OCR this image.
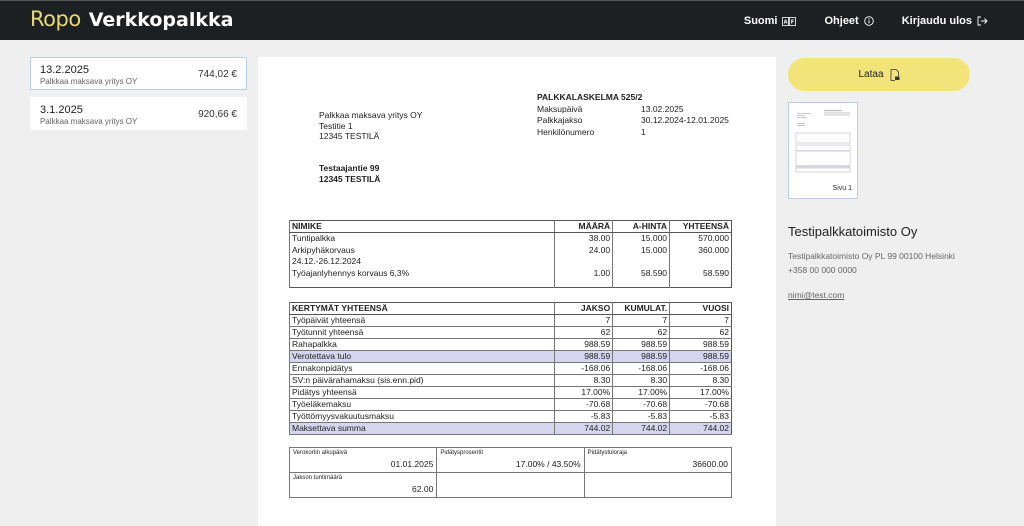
Ropo Verkkopalkka	Suomi A F	Ohjeet	Kirjaudu ulos
13.2.2025
Palkkaa maksava yritys OY
744,02 €
3.1.2025
Palkkaa maksava yritys OY
920,66 €	Palkkaa maksava yritys OY
Testitie 1
12345 TESTILÄ
Testaajantie 99
12345 TESTILÄ
PALKKALASKELMA 525/2
Maksupäivä	13.02.2025
Palkkajakso	30.12.2024-12.01.2025
Henkilönumero	1
NIMIKE	MÄÄRÄ	A-HINTA	YHTEENSÄ
Tuntipalkka	38.00	15.000	570.000
Arkipyhäkorvaus	24.00	15.000	360.000
24.12.-26.12.2024			
Työajanlyhennys korvaus 6,3%	1.00	58.590	58.590

KERTYMÄT YHTEENSÄ	JAKSO	KUMULAT.	VUOSI
Työpäivät yhteensä	7	7	7
Työtunnit yhteensä	62	62	62
Rahapalkka	988.59	988.59	988.59
Verotettava tulo	988.59	988.59	988.59
Ennakonpidätys	-168.06	-168.06	-168.06
SV:n päivärahamaksu (sis.enn.pid)	8.30	8.30	8.30
Pidätys yhteensä	17.00%	17.00%	17.00%
Työeläkemaksu	-70.68	-70.68	-70.68
Työttömyysvakuutusmaksu	-5.83	-5.83	-5.83
Maksettava summa	744.02	744.02	744.02
Verokortin alkupäivä
01.01.2025

Pidätysprosentit
17.00% / 43.50%

Pidätystuloraja
36600.00

Jakson tuntimäärä
62.00		

Lataa
Sivu 1
Testipalkkatoimisto Oy
Testipalkkatoimisto Oy PL 99 00100 Helsinki
+358 00 000 0000
nimi@test.com
